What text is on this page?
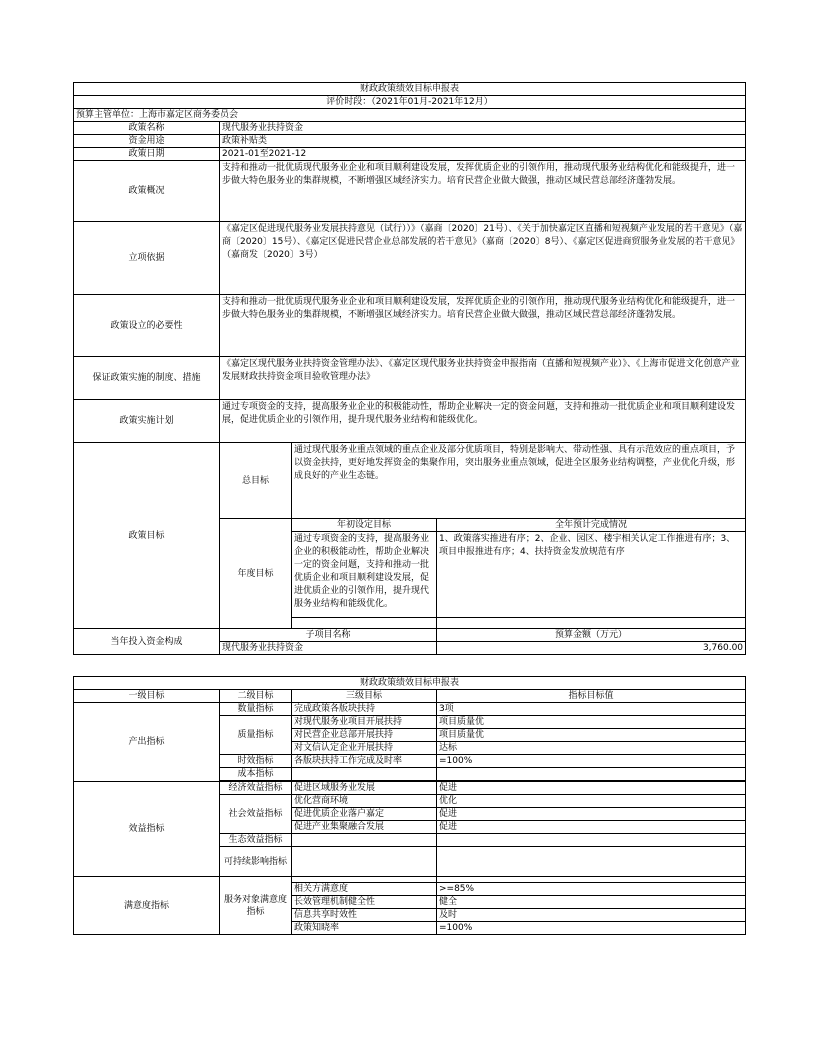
财政政策绩效目标申报表			
评价时段：（2021年01月-2021年12月）			
预算主管单位：上海市嘉定区商务委员会			
政策名称	现代服务业扶持资金		
资金用途	政策补贴类		
政策日期	2021-01至2021-12		
政策概况	支持和推动一批优质现代服务业企业和项目顺利建设发展，发挥优质企业的引领作用，推动现代服务业结构优化和能级提升，进一步做大特色服务业的集群规模，不断增强区域经济实力。培育民营企业做大做强，推动区域民营总部经济蓬勃发展。		
立项依据	《嘉定区促进现代服务业发展扶持意见（试行））》（嘉商〔2020〕21号）、《关于加快嘉定区直播和短视频产业发展的若干意见》（嘉商〔2020〕15号）、《嘉定区促进民营企业总部发展的若干意见》（嘉商〔2020〕8号）、《嘉定区促进商贸服务业发展的若干意见》（嘉商发〔2020〕3号）		
政策设立的必要性	支持和推动一批优质现代服务业企业和项目顺利建设发展，发挥优质企业的引领作用，推动现代服务业结构优化和能级提升，进一步做大特色服务业的集群规模，不断增强区域经济实力。培育民营企业做大做强，推动区域民营总部经济蓬勃发展。		
保证政策实施的制度、措施	《嘉定区现代服务业扶持资金管理办法》、《嘉定区现代服务业扶持资金申报指南（直播和短视频产业）》、《上海市促进文化创意产业发展财政扶持资金项目验收管理办法》		
政策实施计划	通过专项资金的支持，提高服务业企业的积极能动性，帮助企业解决一定的资金问题，支持和推动一批优质企业和项目顺利建设发展，促进优质企业的引领作用，提升现代服务业结构和能级优化。		
政策目标	总目标	通过现代服务业重点领域的重点企业及部分优质项目，特别是影响大、带动性强、具有示范效应的重点项目，予以资金扶持，更好地发挥资金的集聚作用，突出服务业重点领域，促进全区服务业结构调整，产业优化升级，形成良好的产业生态链。	
	年度目标	年初设定目标	全年预计完成情况
		通过专项资金的支持，提高服务业企业的积极能动性，帮助企业解决一定的资金问题，支持和推动一批优质企业和项目顺利建设发展，促进优质企业的引领作用，提升现代服务业结构和能级优化。	1、政策落实推进有序；2、企业、园区、楼宇相关认定工作推进有序；3、项目申报推进有序；4、扶持资金发放规范有序

当年投入资金构成	子项目名称		预算金额（万元）
	现代服务业扶持资金		3,760.00
财政政策绩效目标申报表			
一级目标	二级目标	三级目标	指标目标值
产出指标	数量指标	完成政策各版块扶持	3项
	质量指标	对现代服务业项目开展扶持	项目质量优
		对民营企业总部开展扶持	项目质量优
		对文信认定企业开展扶持	达标
	时效指标	各版块扶持工作完成及时率	=100%
	成本指标		

效益指标	经济效益指标	促进区域服务业发展	促进
	社会效益指标	优化营商环境	优化
		促进优质企业落户嘉定	促进
		促进产业集聚融合发展	促进
	生态效益指标		
	可持续影响指标		
满意度指标	服务对象满意度指标		
		相关方满意度	>=85%
		长效管理机制健全性	健全
		信息共享时效性	及时
		政策知晓率	=100%
